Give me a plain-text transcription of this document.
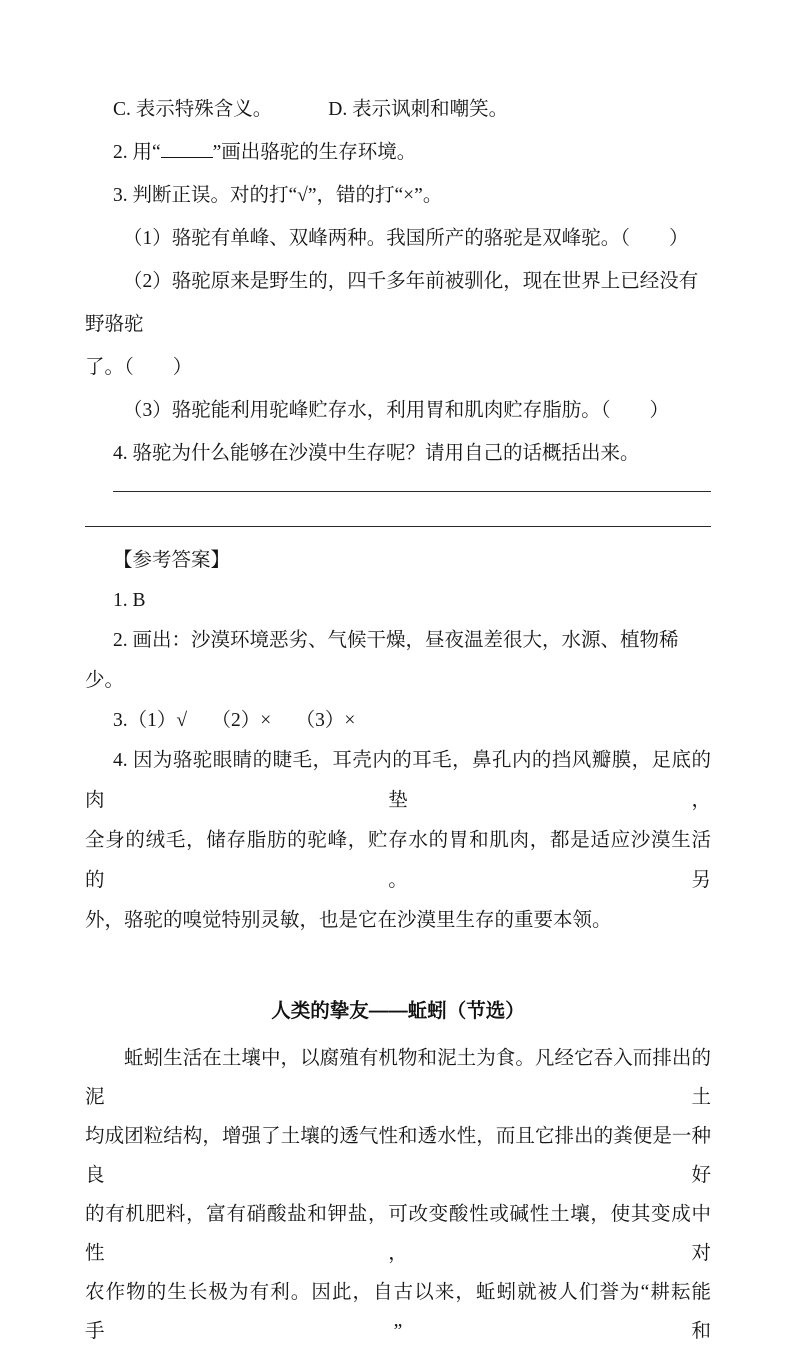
C. 表示特殊含义。	D. 表示讽刺和嘲笑。
2. 用“	”画出骆驼的生存环境。
3. 判断正误。对的打“√”，错的打“×”。
（1）骆驼有单峰、双峰两种。我国所产的骆驼是双峰驼。（　　）
（2）骆驼原来是野生的，四千多年前被驯化，现在世界上已经没有野骆驼
了。（　　）
（3）骆驼能利用驼峰贮存水，利用胃和肌肉贮存脂肪。（　　）
4. 骆驼为什么能够在沙漠中生存呢？请用自己的话概括出来。
【参考答案】
1. B
2. 画出：沙漠环境恶劣、气候干燥，昼夜温差很大，水源、植物稀少。
3.（1）√　 （2）×　 （3）×
4. 因为骆驼眼睛的睫毛，耳壳内的耳毛，鼻孔内的挡风瓣膜，足底的肉垫，
全身的绒毛，储存脂肪的驼峰，贮存水的胃和肌肉，都是适应沙漠生活的。另
外，骆驼的嗅觉特别灵敏，也是它在沙漠里生存的重要本领。
人类的挚友——蚯蚓（节选）
蚯蚓生活在土壤中，以腐殖有机物和泥土为食。凡经它吞入而排出的泥土
均成团粒结构，增强了土壤的透气性和透水性，而且它排出的粪便是一种良好
的有机肥料，富有硝酸盐和钾盐，可改变酸性或碱性土壤，使其变成中性，对
农作物的生长极为有利。因此，自古以来，蚯蚓就被人们誉为“耕耘能手”和
